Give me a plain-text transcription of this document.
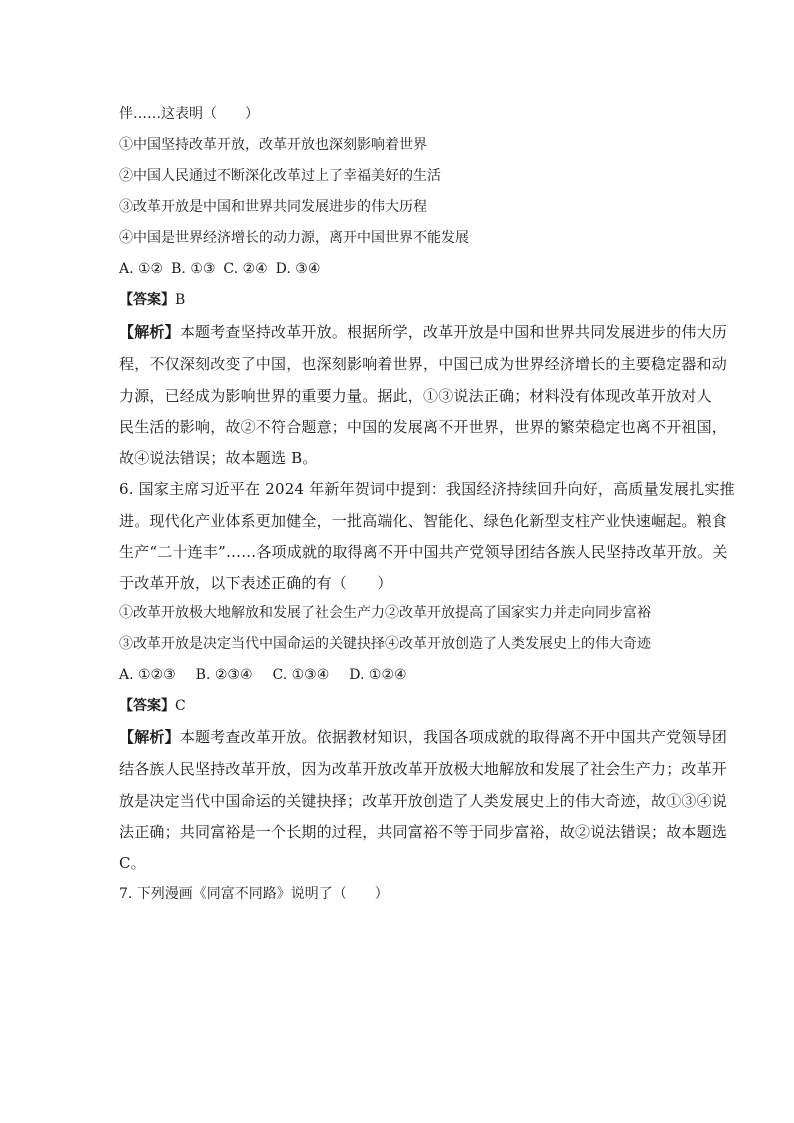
伴……这表明（　　）
①中国坚持改革开放，改革开放也深刻影响着世界
②中国人民通过不断深化改革过上了幸福美好的生活
③改革开放是中国和世界共同发展进步的伟大历程
④中国是世界经济增长的动力源，离开中国世界不能发展
A. ①② B. ①③ C. ②④ D. ③④
【答案】B
【解析】本题考查坚持改革开放。根据所学，改革开放是中国和世界共同发展进步的伟大历
程，不仅深刻改变了中国，也深刻影响着世界，中国已成为世界经济增长的主要稳定器和动
力源，已经成为影响世界的重要力量。据此，①③说法正确；材料没有体现改革开放对人
民生活的影响，故②不符合题意；中国的发展离不开世界，世界的繁荣稳定也离不开祖国，
故④说法错误；故本题选 B。
6. 国家主席习近平在 2024 年新年贺词中提到：我国经济持续回升向好，高质量发展扎实推
进。现代化产业体系更加健全，一批高端化、智能化、绿色化新型支柱产业快速崛起。粮食
生产“二十连丰”……各项成就的取得离不开中国共产党领导团结各族人民坚持改革开放。关
于改革开放，以下表述正确的有（　　）
①改革开放极大地解放和发展了社会生产力②改革开放提高了国家实力并走向同步富裕
③改革开放是决定当代中国命运的关键抉择④改革开放创造了人类发展史上的伟大奇迹
A. ①②③ B. ②③④ C. ①③④ D. ①②④
【答案】C
【解析】本题考查改革开放。依据教材知识，我国各项成就的取得离不开中国共产党领导团
结各族人民坚持改革开放，因为改革开放改革开放极大地解放和发展了社会生产力；改革开
放是决定当代中国命运的关键抉择；改革开放创造了人类发展史上的伟大奇迹，故①③④说
法正确；共同富裕是一个长期的过程，共同富裕不等于同步富裕，故②说法错误；故本题选
C。
7. 下列漫画《同富不同路》说明了（　　）
